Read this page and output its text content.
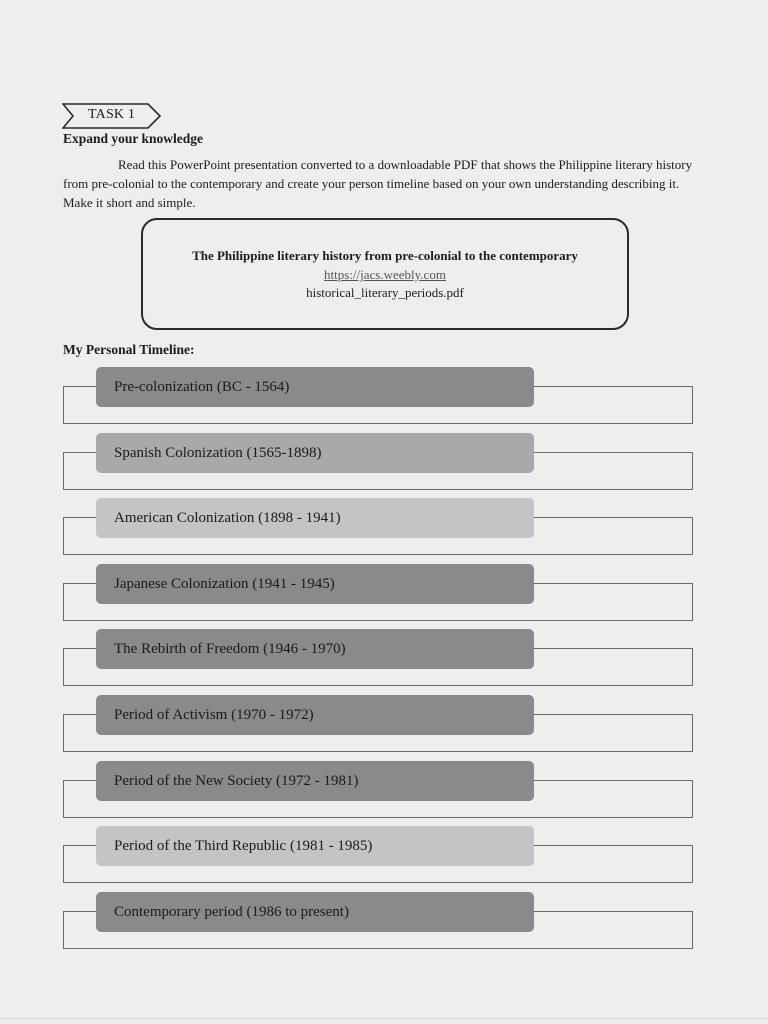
TASK 1
Expand your knowledge
Read this PowerPoint presentation converted to a downloadable PDF that shows the Philippine literary history from pre-colonial to the contemporary and create your person timeline based on your own understanding describing it. Make it short and simple.
The Philippine literary history from pre-colonial to the contemporary
https://jacs.weebly.com
historical_literary_periods.pdf
My Personal Timeline:
Pre-colonization (BC - 1564)
Spanish Colonization (1565-1898)
American Colonization (1898 - 1941)
Japanese Colonization (1941 - 1945)
The Rebirth of Freedom (1946 - 1970)
Period of Activism (1970 - 1972)
Period of the New Society (1972 - 1981)
Period of the Third Republic (1981 - 1985)
Contemporary period (1986 to present)
